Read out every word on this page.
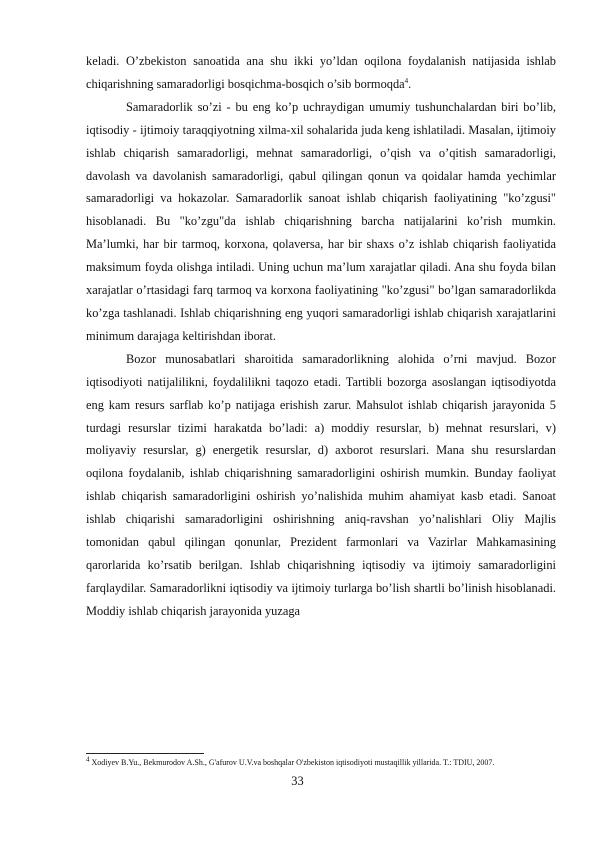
keladi. O’zbekiston sanoatida ana shu ikki yo’ldan oqilona foydalanish natijasida ishlab chiqarishning samaradorligi bosqichma-bosqich o’sib bormoqda$^4$.

Samaradorlik so’zi - bu eng ko’p uchraydigan umumiy tushunchalardan biri bo’lib, iqtisodiy - ijtimoiy taraqqiyotning xilma-xil sohalarida juda keng ishlatiladi. Masalan, ijtimoiy ishlab chiqarish samaradorligi, mehnat samaradorligi, o’qish va o’qitish samaradorligi, davolash va davolanish samaradorligi, qabul qilingan qonun va qoidalar hamda yechimlar samaradorligi va hokazolar. Samaradorlik sanoat ishlab chiqarish faoliyatining "ko’zgusi" hisoblanadi. Bu "ko’zgu"da ishlab chiqarishning barcha natijalarini ko’rish mumkin. Ma’lumki, har bir tarmoq, korxona, qolaversa, har bir shaxs o’z ishlab chiqarish faoliyatida maksimum foyda olishga intiladi. Uning uchun ma’lum xarajatlar qiladi. Ana shu foyda bilan xarajatlar o’rtasidagi farq tarmoq va korxona faoliyatining "ko’zgusi" bo’lgan samaradorlikda ko’zga tashlanadi. Ishlab chiqarishning eng yuqori samaradorligi ishlab chiqarish xarajatlarini minimum darajaga keltirishdan iborat.

Bozor munosabatlari sharoitida samaradorlikning alohida o’rni mavjud. Bozor iqtisodiyoti natijalilikni, foydalilikni taqozo etadi. Tartibli bozorga asoslangan iqtisodiyotda eng kam resurs sarflab ko’p natijaga erishish zarur. Mahsulot ishlab chiqarish jarayonida 5 turdagi resurslar tizimi harakatda bo’ladi: a) moddiy resurslar, b) mehnat resurslari, v) moliyaviy resurslar, g) energetik resurslar, d) axborot resurslari. Mana shu resurslardan oqilona foydalanib, ishlab chiqarishning samaradorligini oshirish mumkin. Bunday faoliyat ishlab chiqarish samaradorligini oshirish yo’nalishida muhim ahamiyat kasb etadi. Sanoat ishlab chiqarishi samaradorligini oshirishning aniq-ravshan yo’nalishlari Oliy Majlis tomonidan qabul qilingan qonunlar, Prezident farmonlari va Vazirlar Mahkamasining qarorlarida ko’rsatib berilgan. Ishlab chiqarishning iqtisodiy va ijtimoiy samaradorligini farqlaydilar. Samaradorlikni iqtisodiy va ijtimoiy turlarga bo’lish shartli bo’linish hisoblanadi. Moddiy ishlab chiqarish jarayonida yuzaga

$^4$ Xodiyev B.Yu., Bekmurodov A.Sh., G'afurov U.V.va boshqalar O'zbekiston iqtisodiyoti mustaqillik yillarida. T.: TDIU, 2007.
33
